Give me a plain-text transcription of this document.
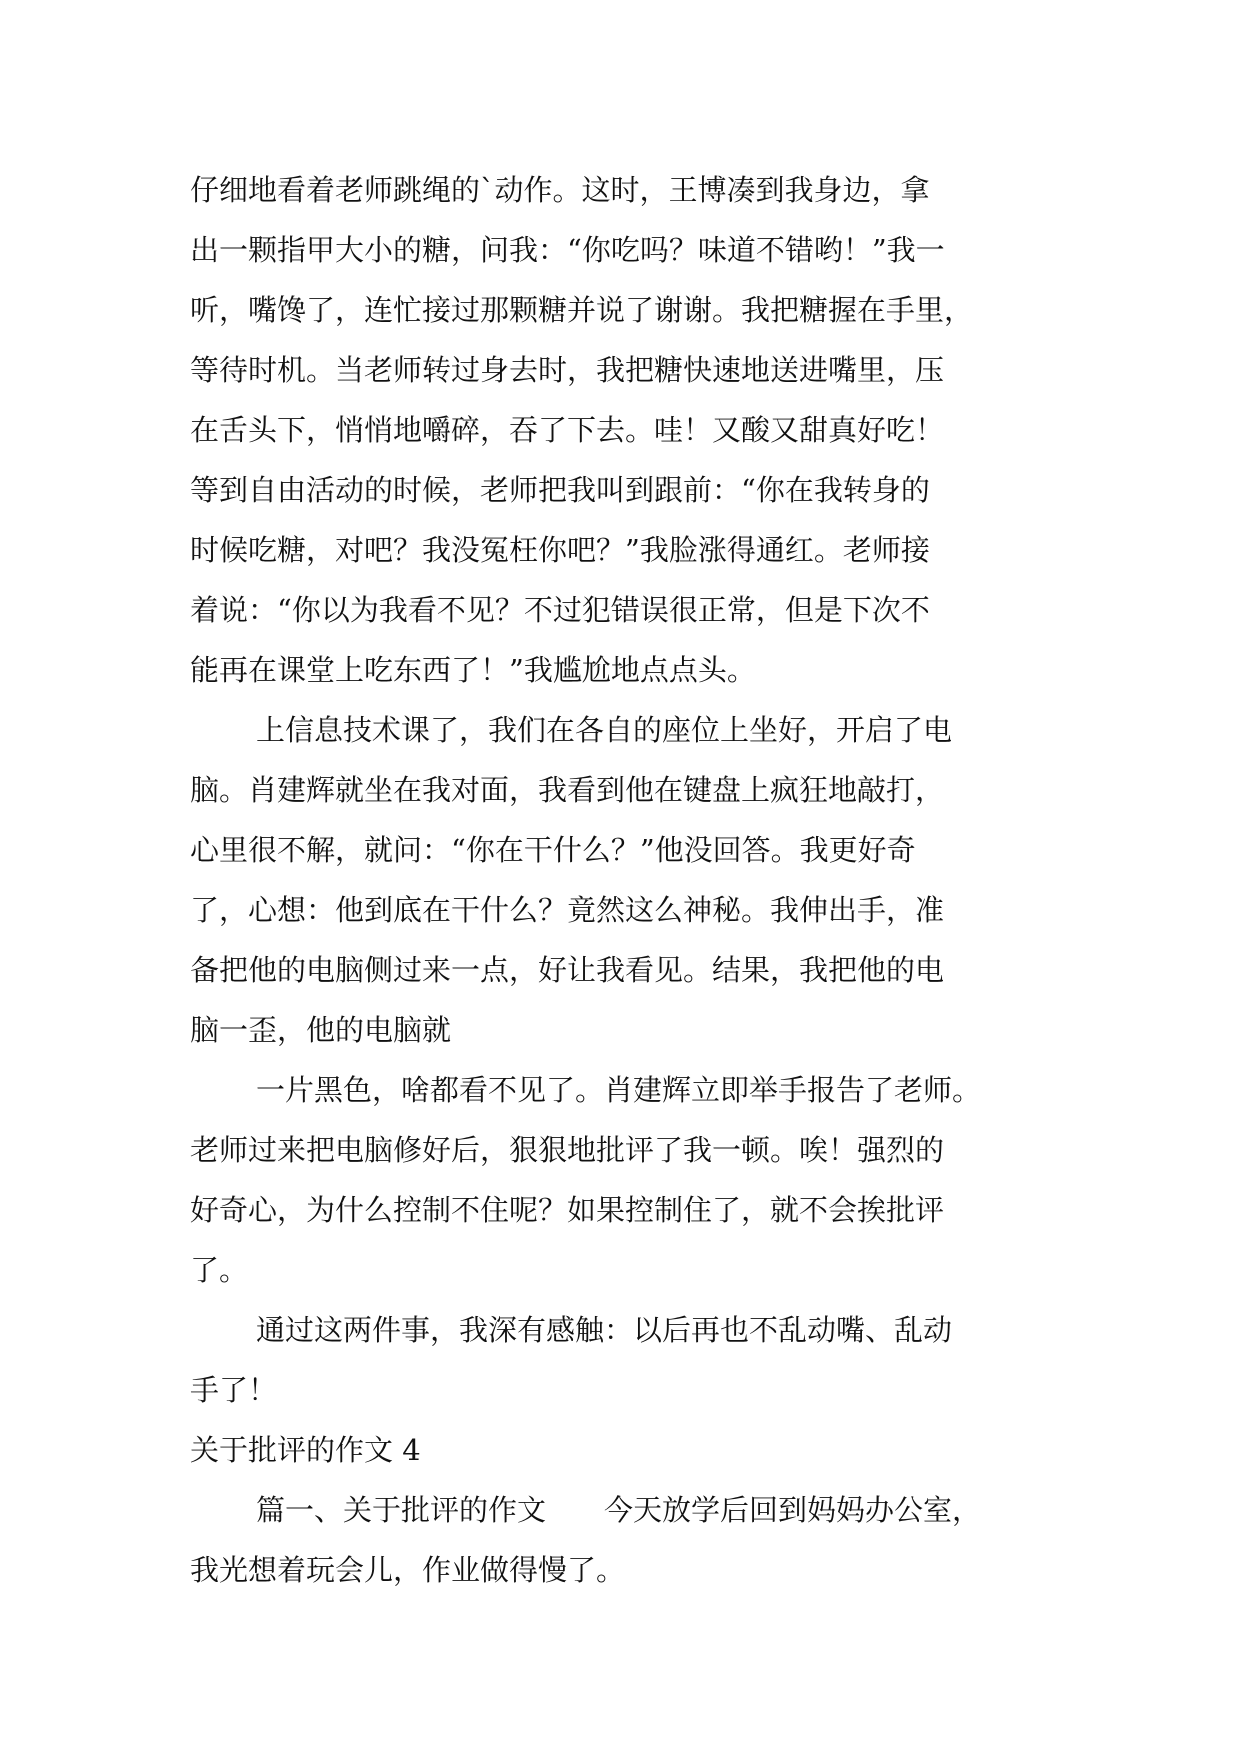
仔细地看着老师跳绳的`动作。这时，王博凑到我身边，拿
出一颗指甲大小的糖，问我：“你吃吗？味道不错哟！”我一
听，嘴馋了，连忙接过那颗糖并说了谢谢。我把糖握在手里，
等待时机。当老师转过身去时，我把糖快速地送进嘴里，压
在舌头下，悄悄地嚼碎，吞了下去。哇！又酸又甜真好吃！
等到自由活动的时候，老师把我叫到跟前：“你在我转身的
时候吃糖，对吧？我没冤枉你吧？”我脸涨得通红。老师接
着说：“你以为我看不见？不过犯错误很正常，但是下次不
能再在课堂上吃东西了！”我尴尬地点点头。
上信息技术课了，我们在各自的座位上坐好，开启了电
脑。肖建辉就坐在我对面，我看到他在键盘上疯狂地敲打，
心里很不解，就问：“你在干什么？”他没回答。我更好奇
了，心想：他到底在干什么？竟然这么神秘。我伸出手，准
备把他的电脑侧过来一点，好让我看见。结果，我把他的电
脑一歪，他的电脑就
一片黑色，啥都看不见了。肖建辉立即举手报告了老师。
老师过来把电脑修好后，狠狠地批评了我一顿。唉！强烈的
好奇心，为什么控制不住呢？如果控制住了，就不会挨批评
了。
通过这两件事，我深有感触：以后再也不乱动嘴、乱动
手了！
关于批评的作文 4
篇一、关于批评的作文　　今天放学后回到妈妈办公室，
我光想着玩会儿，作业做得慢了。
